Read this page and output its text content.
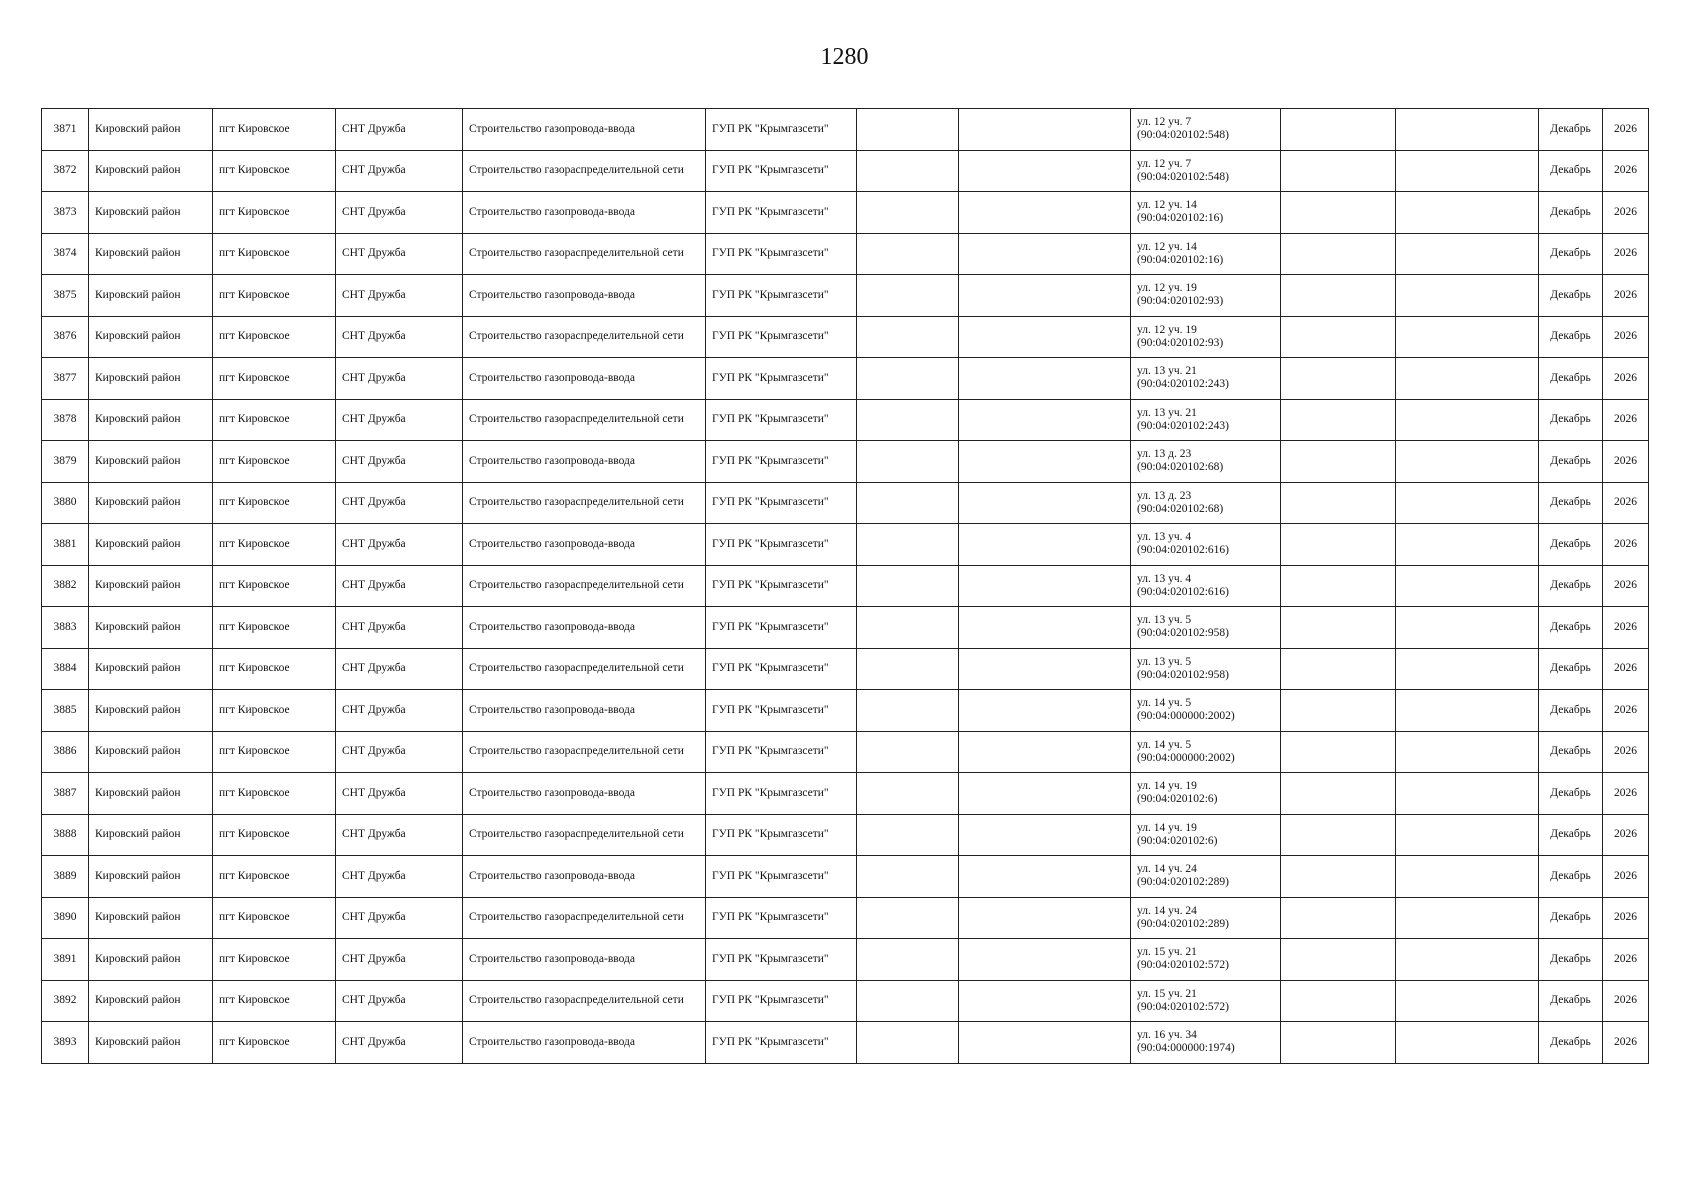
1280
3871	Кировский район	пгт Кировское	СНТ Дружба	Строительство газопровода-ввода	ГУП РК "Крымгазсети"			ул. 12 уч. 7
(90:04:020102:548)			Декабрь	2026
3872	Кировский район	пгт Кировское	СНТ Дружба	Строительство газораспределительной сети	ГУП РК "Крымгазсети"			ул. 12 уч. 7
(90:04:020102:548)			Декабрь	2026
3873	Кировский район	пгт Кировское	СНТ Дружба	Строительство газопровода-ввода	ГУП РК "Крымгазсети"			ул. 12 уч. 14
(90:04:020102:16)			Декабрь	2026
3874	Кировский район	пгт Кировское	СНТ Дружба	Строительство газораспределительной сети	ГУП РК "Крымгазсети"			ул. 12 уч. 14
(90:04:020102:16)			Декабрь	2026
3875	Кировский район	пгт Кировское	СНТ Дружба	Строительство газопровода-ввода	ГУП РК "Крымгазсети"			ул. 12 уч. 19
(90:04:020102:93)			Декабрь	2026
3876	Кировский район	пгт Кировское	СНТ Дружба	Строительство газораспределительной сети	ГУП РК "Крымгазсети"			ул. 12 уч. 19
(90:04:020102:93)			Декабрь	2026
3877	Кировский район	пгт Кировское	СНТ Дружба	Строительство газопровода-ввода	ГУП РК "Крымгазсети"			ул. 13 уч. 21
(90:04:020102:243)			Декабрь	2026
3878	Кировский район	пгт Кировское	СНТ Дружба	Строительство газораспределительной сети	ГУП РК "Крымгазсети"			ул. 13 уч. 21
(90:04:020102:243)			Декабрь	2026
3879	Кировский район	пгт Кировское	СНТ Дружба	Строительство газопровода-ввода	ГУП РК "Крымгазсети"			ул. 13 д. 23
(90:04:020102:68)			Декабрь	2026
3880	Кировский район	пгт Кировское	СНТ Дружба	Строительство газораспределительной сети	ГУП РК "Крымгазсети"			ул. 13 д. 23
(90:04:020102:68)			Декабрь	2026
3881	Кировский район	пгт Кировское	СНТ Дружба	Строительство газопровода-ввода	ГУП РК "Крымгазсети"			ул. 13 уч. 4
(90:04:020102:616)			Декабрь	2026
3882	Кировский район	пгт Кировское	СНТ Дружба	Строительство газораспределительной сети	ГУП РК "Крымгазсети"			ул. 13 уч. 4
(90:04:020102:616)			Декабрь	2026
3883	Кировский район	пгт Кировское	СНТ Дружба	Строительство газопровода-ввода	ГУП РК "Крымгазсети"			ул. 13 уч. 5
(90:04:020102:958)			Декабрь	2026
3884	Кировский район	пгт Кировское	СНТ Дружба	Строительство газораспределительной сети	ГУП РК "Крымгазсети"			ул. 13 уч. 5
(90:04:020102:958)			Декабрь	2026
3885	Кировский район	пгт Кировское	СНТ Дружба	Строительство газопровода-ввода	ГУП РК "Крымгазсети"			ул. 14 уч. 5
(90:04:000000:2002)			Декабрь	2026
3886	Кировский район	пгт Кировское	СНТ Дружба	Строительство газораспределительной сети	ГУП РК "Крымгазсети"			ул. 14 уч. 5
(90:04:000000:2002)			Декабрь	2026
3887	Кировский район	пгт Кировское	СНТ Дружба	Строительство газопровода-ввода	ГУП РК "Крымгазсети"			ул. 14 уч. 19
(90:04:020102:6)			Декабрь	2026
3888	Кировский район	пгт Кировское	СНТ Дружба	Строительство газораспределительной сети	ГУП РК "Крымгазсети"			ул. 14 уч. 19
(90:04:020102:6)			Декабрь	2026
3889	Кировский район	пгт Кировское	СНТ Дружба	Строительство газопровода-ввода	ГУП РК "Крымгазсети"			ул. 14 уч. 24
(90:04:020102:289)			Декабрь	2026
3890	Кировский район	пгт Кировское	СНТ Дружба	Строительство газораспределительной сети	ГУП РК "Крымгазсети"			ул. 14 уч. 24
(90:04:020102:289)			Декабрь	2026
3891	Кировский район	пгт Кировское	СНТ Дружба	Строительство газопровода-ввода	ГУП РК "Крымгазсети"			ул. 15 уч. 21
(90:04:020102:572)			Декабрь	2026
3892	Кировский район	пгт Кировское	СНТ Дружба	Строительство газораспределительной сети	ГУП РК "Крымгазсети"			ул. 15 уч. 21
(90:04:020102:572)			Декабрь	2026
3893	Кировский район	пгт Кировское	СНТ Дружба	Строительство газопровода-ввода	ГУП РК "Крымгазсети"			ул. 16 уч. 34
(90:04:000000:1974)			Декабрь	2026
